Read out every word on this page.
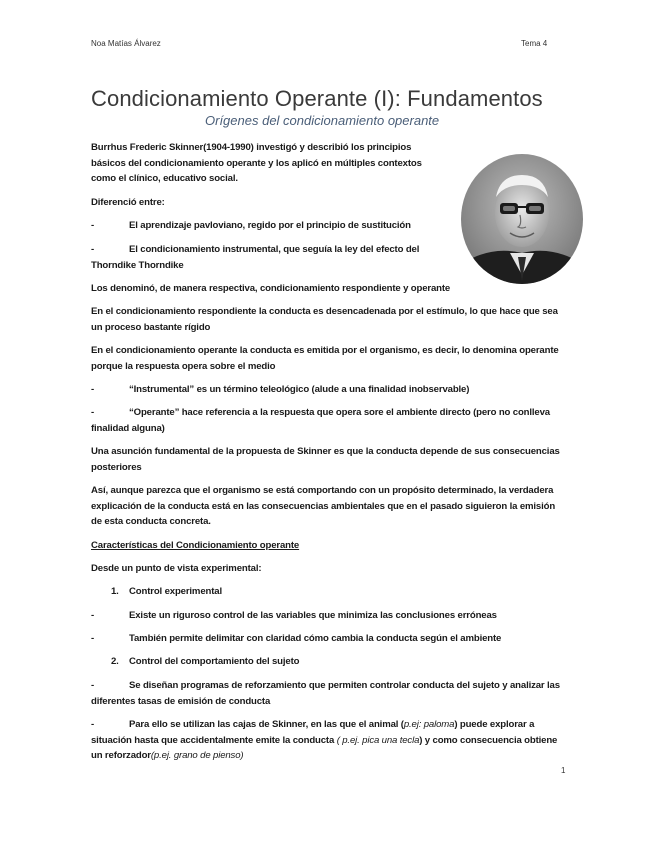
Noa Matías Álvarez	Tema 4
Condicionamiento Operante (I): Fundamentos
Orígenes del condicionamiento operante
Burrhus Frederic Skinner(1904-1990) investigó y describió los principios básicos del condicionamiento operante y los aplicó en múltiples contextos como el clínico, educativo social.
Diferenció entre:
-	El aprendizaje pavloviano, regido por el principio de sustitución
-	El condicionamiento instrumental, que seguía la ley del efecto del Thorndike Thorndike
Los denominó, de manera respectiva, condicionamiento respondiente y operante
En el condicionamiento respondiente la conducta es desencadenada por el estímulo, lo que hace que sea un proceso bastante rígido
En el condicionamiento operante la conducta es emitida por el organismo, es decir, lo denomina operante porque la respuesta opera sobre el medio
-	“Instrumental” es un término teleológico (alude a una finalidad inobservable)
-	“Operante” hace referencia a la respuesta que opera sore el ambiente directo (pero no conlleva finalidad alguna)
Una asunción fundamental de la propuesta de Skinner es que la conducta depende de sus consecuencias posteriores
Así, aunque parezca que el organismo se está comportando con un propósito determinado, la verdadera explicación de la conducta está en las consecuencias ambientales que en el pasado siguieron la emisión de esta conducta concreta.
Características del Condicionamiento operante
Desde un punto de vista experimental:
1. Control experimental
-	Existe un riguroso control de las variables que minimiza las conclusiones erróneas
-	También permite delimitar con claridad cómo cambia la conducta según el ambiente
2. Control del comportamiento del sujeto
-	Se diseñan programas de reforzamiento que permiten controlar conducta del sujeto y analizar las diferentes tasas de emisión de conducta
-	Para ello se utilizan las cajas de Skinner, en las que el animal (p.ej: paloma) puede explorar a situación hasta que accidentalmente emite la conducta ( p.ej. pica una tecla) y como consecuencia obtiene un reforzador(p.ej. grano de pienso)
1
